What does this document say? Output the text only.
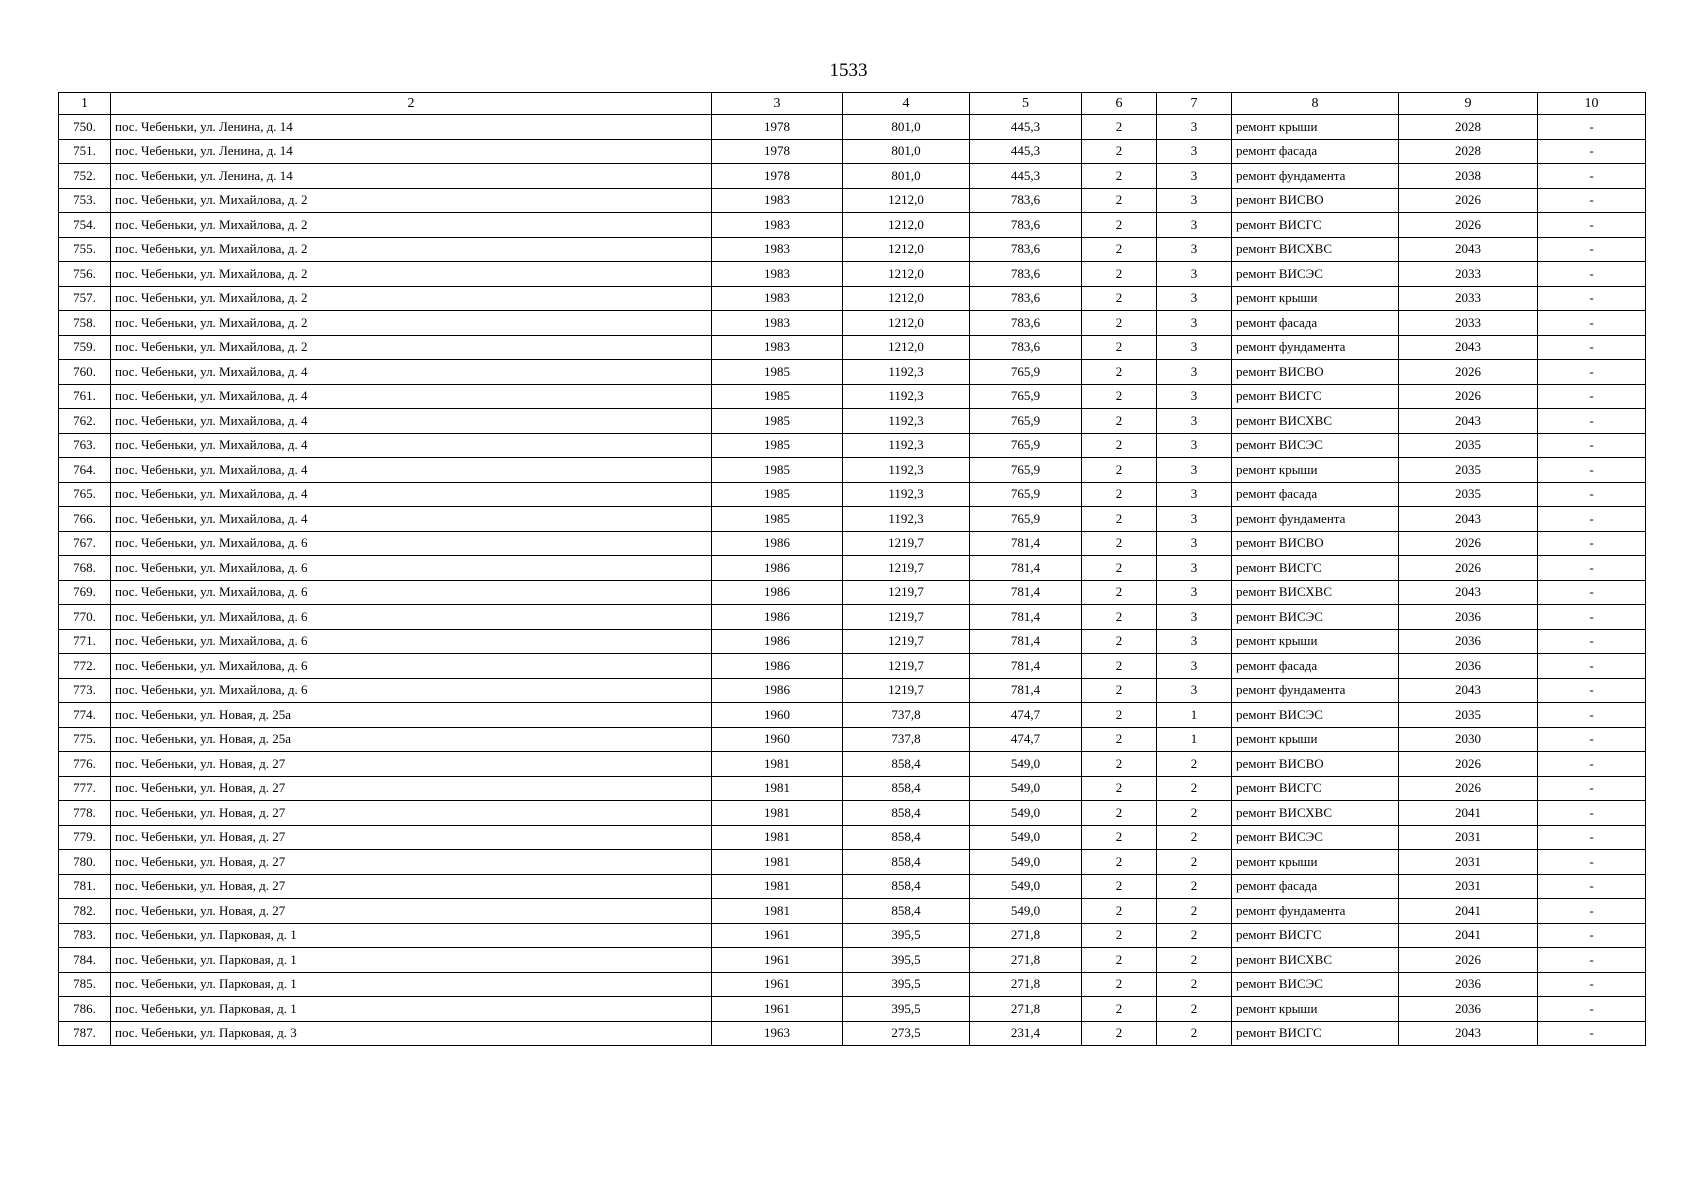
1533
1	2	3	4	5	6	7	8	9	10
750.	пос. Чебеньки, ул. Ленина, д. 14	1978	801,0	445,3	2	3	ремонт крыши	2028	-
751.	пос. Чебеньки, ул. Ленина, д. 14	1978	801,0	445,3	2	3	ремонт фасада	2028	-
752.	пос. Чебеньки, ул. Ленина, д. 14	1978	801,0	445,3	2	3	ремонт фундамента	2038	-
753.	пос. Чебеньки, ул. Михайлова, д. 2	1983	1212,0	783,6	2	3	ремонт ВИСВО	2026	-
754.	пос. Чебеньки, ул. Михайлова, д. 2	1983	1212,0	783,6	2	3	ремонт ВИСГС	2026	-
755.	пос. Чебеньки, ул. Михайлова, д. 2	1983	1212,0	783,6	2	3	ремонт ВИСХВС	2043	-
756.	пос. Чебеньки, ул. Михайлова, д. 2	1983	1212,0	783,6	2	3	ремонт ВИСЭС	2033	-
757.	пос. Чебеньки, ул. Михайлова, д. 2	1983	1212,0	783,6	2	3	ремонт крыши	2033	-
758.	пос. Чебеньки, ул. Михайлова, д. 2	1983	1212,0	783,6	2	3	ремонт фасада	2033	-
759.	пос. Чебеньки, ул. Михайлова, д. 2	1983	1212,0	783,6	2	3	ремонт фундамента	2043	-
760.	пос. Чебеньки, ул. Михайлова, д. 4	1985	1192,3	765,9	2	3	ремонт ВИСВО	2026	-
761.	пос. Чебеньки, ул. Михайлова, д. 4	1985	1192,3	765,9	2	3	ремонт ВИСГС	2026	-
762.	пос. Чебеньки, ул. Михайлова, д. 4	1985	1192,3	765,9	2	3	ремонт ВИСХВС	2043	-
763.	пос. Чебеньки, ул. Михайлова, д. 4	1985	1192,3	765,9	2	3	ремонт ВИСЭС	2035	-
764.	пос. Чебеньки, ул. Михайлова, д. 4	1985	1192,3	765,9	2	3	ремонт крыши	2035	-
765.	пос. Чебеньки, ул. Михайлова, д. 4	1985	1192,3	765,9	2	3	ремонт фасада	2035	-
766.	пос. Чебеньки, ул. Михайлова, д. 4	1985	1192,3	765,9	2	3	ремонт фундамента	2043	-
767.	пос. Чебеньки, ул. Михайлова, д. 6	1986	1219,7	781,4	2	3	ремонт ВИСВО	2026	-
768.	пос. Чебеньки, ул. Михайлова, д. 6	1986	1219,7	781,4	2	3	ремонт ВИСГС	2026	-
769.	пос. Чебеньки, ул. Михайлова, д. 6	1986	1219,7	781,4	2	3	ремонт ВИСХВС	2043	-
770.	пос. Чебеньки, ул. Михайлова, д. 6	1986	1219,7	781,4	2	3	ремонт ВИСЭС	2036	-
771.	пос. Чебеньки, ул. Михайлова, д. 6	1986	1219,7	781,4	2	3	ремонт крыши	2036	-
772.	пос. Чебеньки, ул. Михайлова, д. 6	1986	1219,7	781,4	2	3	ремонт фасада	2036	-
773.	пос. Чебеньки, ул. Михайлова, д. 6	1986	1219,7	781,4	2	3	ремонт фундамента	2043	-
774.	пос. Чебеньки, ул. Новая, д. 25а	1960	737,8	474,7	2	1	ремонт ВИСЭС	2035	-
775.	пос. Чебеньки, ул. Новая, д. 25а	1960	737,8	474,7	2	1	ремонт крыши	2030	-
776.	пос. Чебеньки, ул. Новая, д. 27	1981	858,4	549,0	2	2	ремонт ВИСВО	2026	-
777.	пос. Чебеньки, ул. Новая, д. 27	1981	858,4	549,0	2	2	ремонт ВИСГС	2026	-
778.	пос. Чебеньки, ул. Новая, д. 27	1981	858,4	549,0	2	2	ремонт ВИСХВС	2041	-
779.	пос. Чебеньки, ул. Новая, д. 27	1981	858,4	549,0	2	2	ремонт ВИСЭС	2031	-
780.	пос. Чебеньки, ул. Новая, д. 27	1981	858,4	549,0	2	2	ремонт крыши	2031	-
781.	пос. Чебеньки, ул. Новая, д. 27	1981	858,4	549,0	2	2	ремонт фасада	2031	-
782.	пос. Чебеньки, ул. Новая, д. 27	1981	858,4	549,0	2	2	ремонт фундамента	2041	-
783.	пос. Чебеньки, ул. Парковая, д. 1	1961	395,5	271,8	2	2	ремонт ВИСГС	2041	-
784.	пос. Чебеньки, ул. Парковая, д. 1	1961	395,5	271,8	2	2	ремонт ВИСХВС	2026	-
785.	пос. Чебеньки, ул. Парковая, д. 1	1961	395,5	271,8	2	2	ремонт ВИСЭС	2036	-
786.	пос. Чебеньки, ул. Парковая, д. 1	1961	395,5	271,8	2	2	ремонт крыши	2036	-
787.	пос. Чебеньки, ул. Парковая, д. 3	1963	273,5	231,4	2	2	ремонт ВИСГС	2043	-
